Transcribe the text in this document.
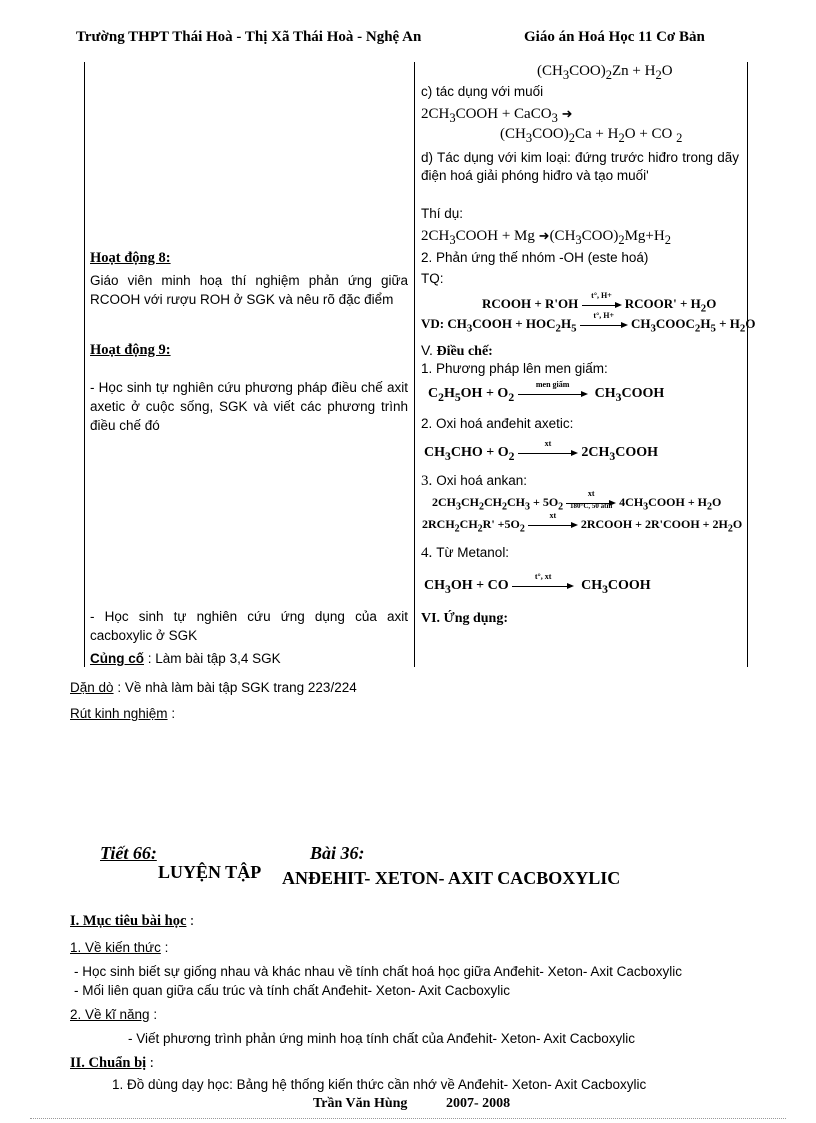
Trường THPT Thái Hoà - Thị Xã Thái Hoà - Nghệ An	Giáo án Hoá Học 11 Cơ Bản
Hoạt động 8:
Giáo viên minh hoạ thí nghiệm phản ứng giữa RCOOH với rượu ROH ở SGK và nêu rõ đặc điểm
Hoạt động 9:
- Học sinh tự nghiên cứu phương pháp điều chế axit axetic ở cuộc sống, SGK và viết các phương trình điều chế đó
- Học sinh tự nghiên cứu ứng dụng của axit cacboxylic ở SGK
Củng cố : Làm bài tập 3,4 SGK
$(CH_3COO)_2Zn + H_2O$
c) tác dụng với muối
$2CH_3COOH$ + CaCO$_3$ ➜
$(CH_3COO)_2Ca + H_2O$ + CO $_2$
d) Tác dụng với kim loại: đứng trước hiđro trong dãy điện hoá giải phóng hiđro và tạo muối'
Thí dụ:
$2CH_3COOH + Mg$ $➜(CH_3COO)_2Mg+H_2$
2. Phản ứng thế nhóm -OH (este hoá)
TQ:
RCOOH + R'OH
t°, H+
RCOOR' + $H_2O$
VD: $CH_3COOH + HOC_2H_5$
t°, H+
$CH_3COOC_2H_5 + H_2O$
V. Điều chế:
1. Phương pháp lên men giấm:
$C_2H_5OH + O_2$
men giấm
$CH_3COOH$
2. Oxi hoá anđehit axetic:
$CH_3CHO + O_2$
xt
$2CH_3COOH$
3. Oxi hoá ankan:
$2CH_3CH_2CH_2CH_3 + 5O_2$
xt
180°C, 50 atm $4CH_3COOH + H_2O$
$2RCH_2CH_2R' +5O_2$
xt
2RCOOH + 2R'COOH + $2H_2O$
4. Từ Metanol:
$CH_3OH$ + CO
t°, xt
$CH_3COOH$
VI. Ứng dụng:
Dặn dò : Về nhà làm bài tập SGK trang 223/224
Rút kinh nghiệm :
Tiết 66:	Bài 36:
LUYỆN TẬP ANĐEHIT- XETON- AXIT CACBOXYLIC
I. Mục tiêu bài học :
1. Về kiến thức :
- Học sinh biết sự giống nhau và khác nhau về tính chất hoá học giữa Anđehit- Xeton- Axit Cacboxylic
- Mối liên quan giữa cấu trúc và tính chất Anđehit- Xeton- Axit Cacboxylic
2. Về kĩ năng :
- Viết phương trình phản ứng minh hoạ tính chất của Anđehit- Xeton- Axit Cacboxylic
II. Chuẩn bị :
1. Đồ dùng dạy học: Bảng hệ thống kiến thức cần nhớ về Anđehit- Xeton- Axit Cacboxylic
Trần Văn Hùng	2007- 2008
